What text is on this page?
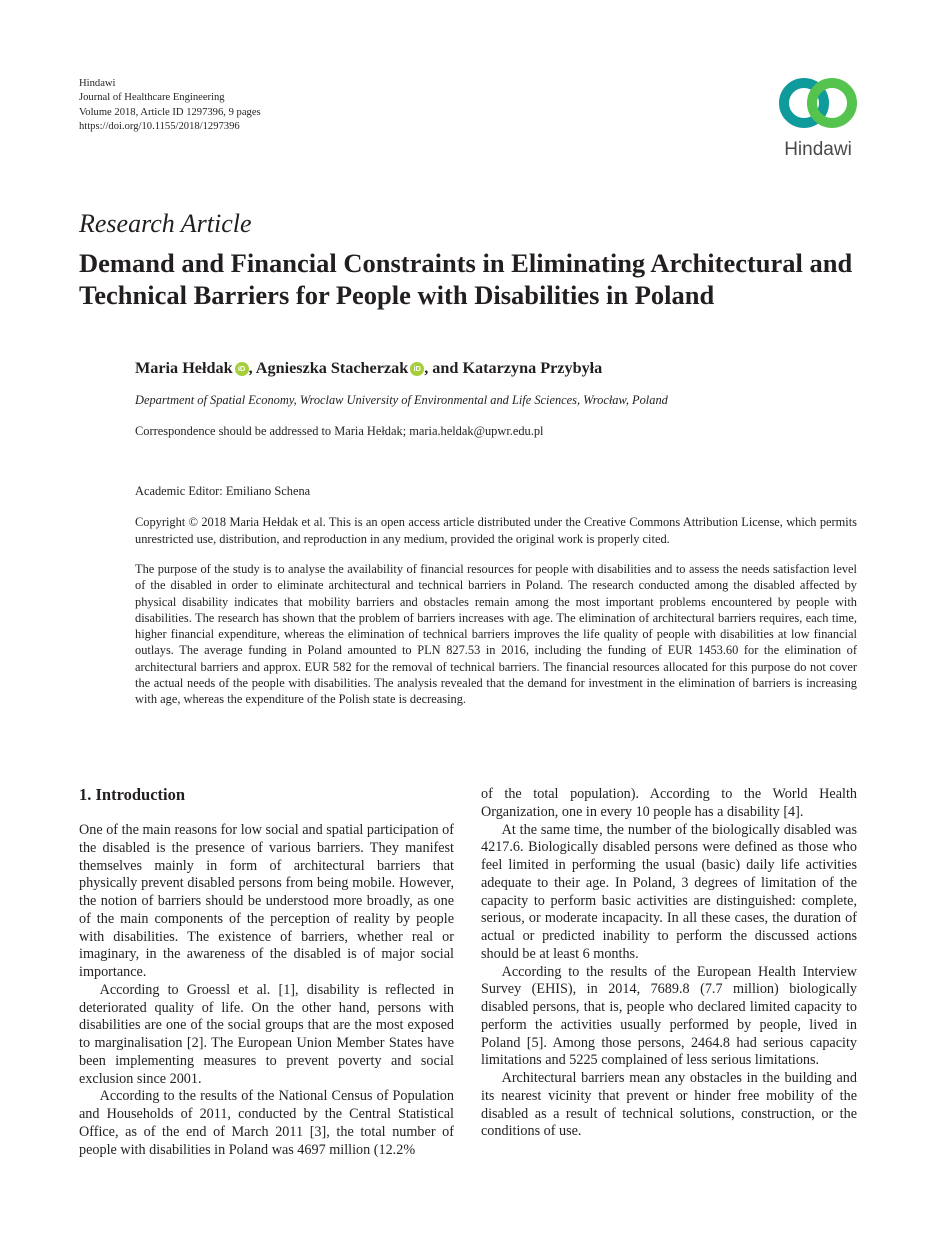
Hindawi
Journal of Healthcare Engineering
Volume 2018, Article ID 1297396, 9 pages
https://doi.org/10.1155/2018/1297396
Hindawi
Research Article
Demand and Financial Constraints in Eliminating Architectural and Technical Barriers for People with Disabilities in Poland
Maria Hełdak iD , Agnieszka Stacherzak iD , and Katarzyna Przybyła
Department of Spatial Economy, Wroclaw University of Environmental and Life Sciences, Wrocław, Poland
Correspondence should be addressed to Maria Hełdak; maria.heldak@upwr.edu.pl
Academic Editor: Emiliano Schena
Copyright © 2018 Maria Hełdak et al. This is an open access article distributed under the Creative Commons Attribution License, which permits unrestricted use, distribution, and reproduction in any medium, provided the original work is properly cited.
The purpose of the study is to analyse the availability of financial resources for people with disabilities and to assess the needs satisfaction level of the disabled in order to eliminate architectural and technical barriers in Poland. The research conducted among the disabled affected by physical disability indicates that mobility barriers and obstacles remain among the most important problems encountered by people with disabilities. The research has shown that the problem of barriers increases with age. The elimination of architectural barriers requires, each time, higher financial expenditure, whereas the elimination of technical barriers improves the life quality of people with disabilities at low financial outlays. The average funding in Poland amounted to PLN 827.53 in 2016, including the funding of EUR 1453.60 for the elimination of architectural barriers and approx. EUR 582 for the removal of technical barriers. The financial resources allocated for this purpose do not cover the actual needs of the people with disabilities. The analysis revealed that the demand for investment in the elimination of barriers is increasing with age, whereas the expenditure of the Polish state is decreasing.
1. Introduction

One of the main reasons for low social and spatial participation of the disabled is the presence of various barriers. They manifest themselves mainly in form of architectural barriers that physically prevent disabled persons from being mobile. However, the notion of barriers should be understood more broadly, as one of the main components of the perception of reality by people with disabilities. The existence of barriers, whether real or imaginary, in the awareness of the disabled is of major social importance.

According to Groessl et al. [1], disability is reflected in deteriorated quality of life. On the other hand, persons with disabilities are one of the social groups that are the most exposed to marginalisation [2]. The European Union Member States have been implementing measures to prevent poverty and social exclusion since 2001.

According to the results of the National Census of Population and Households of 2011, conducted by the Central Statistical Office, as of the end of March 2011 [3], the total number of people with disabilities in Poland was 4697 million (12.2%

of the total population). According to the World Health Organization, one in every 10 people has a disability [4].

At the same time, the number of the biologically disabled was 4217.6. Biologically disabled persons were defined as those who feel limited in performing the usual (basic) daily life activities adequate to their age. In Poland, 3 degrees of limitation of the capacity to perform basic activities are distinguished: complete, serious, or moderate incapacity. In all these cases, the duration of actual or predicted inability to perform the discussed actions should be at least 6 months.

According to the results of the European Health Interview Survey (EHIS), in 2014, 7689.8 (7.7 million) biologically disabled persons, that is, people who declared limited capacity to perform the activities usually performed by people, lived in Poland [5]. Among those persons, 2464.8 had serious capacity limitations and 5225 complained of less serious limitations.

Architectural barriers mean any obstacles in the building and its nearest vicinity that prevent or hinder free mobility of the disabled as a result of technical solutions, construction, or the conditions of use.
